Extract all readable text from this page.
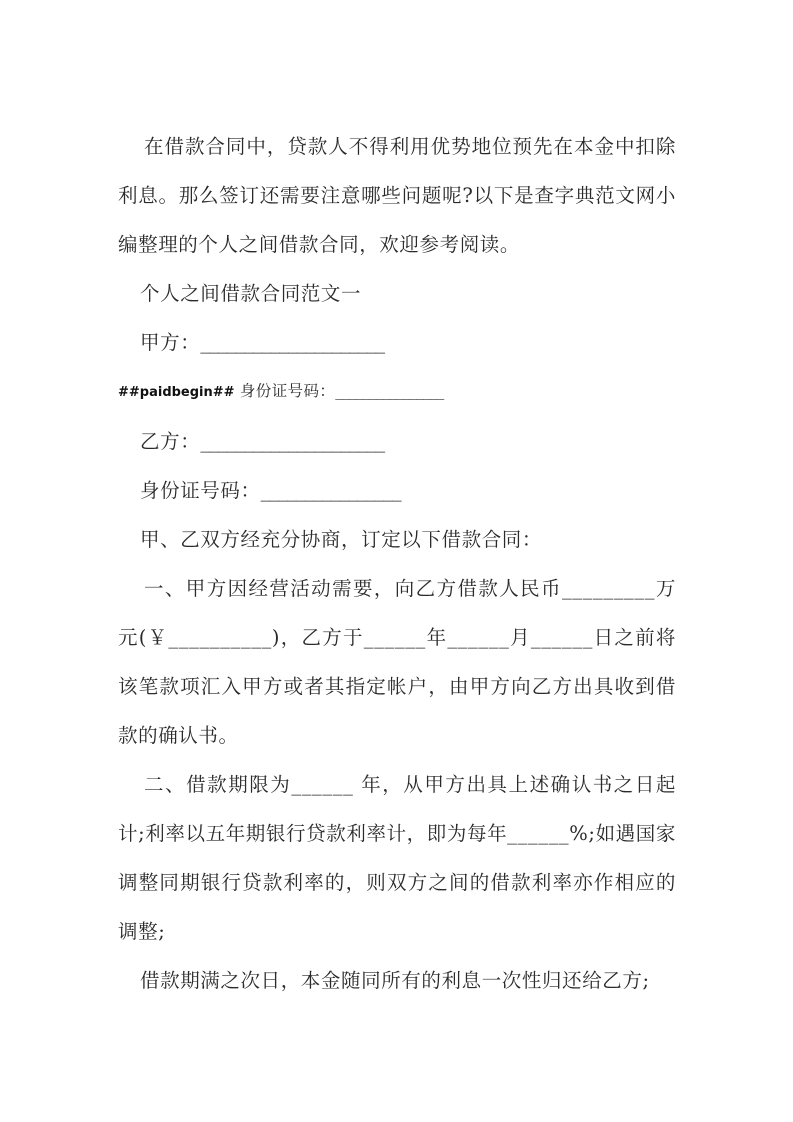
在借款合同中，贷款人不得利用优势地位预先在本金中扣除利息。那么签订还需要注意哪些问题呢?以下是查字典范文网小编整理的个人之间借款合同，欢迎参考阅读。

个人之间借款合同范文一

甲方：_____________________

##paidbegin## 身份证号码：________________

乙方：_____________________

身份证号码：________________

甲、乙双方经充分协商，订定以下借款合同：

一、甲方因经营活动需要，向乙方借款人民币_________万元(￥__________)，乙方于______年______月______日之前将该笔款项汇入甲方或者其指定帐户，由甲方向乙方出具收到借款的确认书。

二、借款期限为______ 年，从甲方出具上述确认书之日起计;利率以五年期银行贷款利率计，即为每年______%;如遇国家调整同期银行贷款利率的，则双方之间的借款利率亦作相应的调整;

借款期满之次日，本金随同所有的利息一次性归还给乙方;
